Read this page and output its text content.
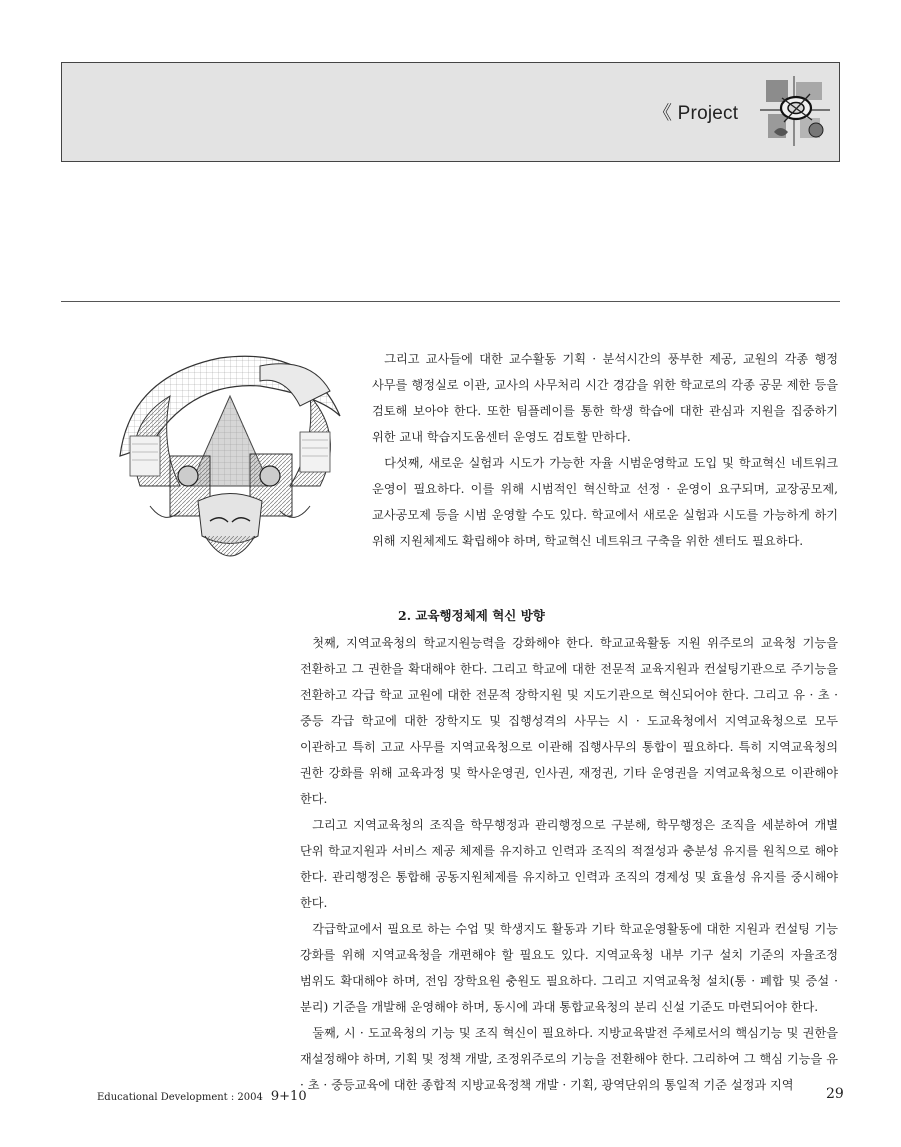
《 Project

그리고 교사들에 대한 교수활동 기획 · 분석시간의 풍부한 제공, 교원의 각종 행정 사무를 행정실로 이관, 교사의 사무처리 시간 경감을 위한 학교로의 각종 공문 제한 등을 검토해 보아야 한다. 또한 팀플레이를 통한 학생 학습에 대한 관심과 지원을 집중하기 위한 교내 학습지도움센터 운영도 검토할 만하다.

다섯째, 새로운 실험과 시도가 가능한 자율 시범운영학교 도입 및 학교혁신 네트워크 운영이 필요하다. 이를 위해 시범적인 혁신학교 선정 · 운영이 요구되며, 교장공모제, 교사공모제 등을 시범 운영할 수도 있다. 학교에서 새로운 실험과 시도를 가능하게 하기 위해 지원체제도 확립해야 하며, 학교혁신 네트워크 구축을 위한 센터도 필요하다.

2. 교육행정체제 혁신 방향

첫째, 지역교육청의 학교지원능력을 강화해야 한다. 학교교육활동 지원 위주로의 교육청 기능을 전환하고 그 권한을 확대해야 한다. 그리고 학교에 대한 전문적 교육지원과 컨설팅기관으로 주기능을 전환하고 각급 학교 교원에 대한 전문적 장학지원 및 지도기관으로 혁신되어야 한다. 그리고 유 · 초 · 중등 각급 학교에 대한 장학지도 및 집행성격의 사무는 시 · 도교육청에서 지역교육청으로 모두 이관하고 특히 고교 사무를 지역교육청으로 이관해 집행사무의 통합이 필요하다. 특히 지역교육청의 권한 강화를 위해 교육과정 및 학사운영권, 인사권, 재정권, 기타 운영권을 지역교육청으로 이관해야 한다.

그리고 지역교육청의 조직을 학무행정과 관리행정으로 구분해, 학무행정은 조직을 세분하여 개별 단위 학교지원과 서비스 제공 체제를 유지하고 인력과 조직의 적절성과 충분성 유지를 원칙으로 해야 한다. 관리행정은 통합해 공동지원체제를 유지하고 인력과 조직의 경제성 및 효율성 유지를 중시해야 한다.

각급학교에서 필요로 하는 수업 및 학생지도 활동과 기타 학교운영활동에 대한 지원과 컨설팅 기능 강화를 위해 지역교육청을 개편해야 할 필요도 있다. 지역교육청 내부 기구 설치 기준의 자율조정 범위도 확대해야 하며, 전임 장학요원 충원도 필요하다. 그리고 지역교육청 설치(통 · 폐합 및 증설 · 분리) 기준을 개발해 운영해야 하며, 동시에 과대 통합교육청의 분리 신설 기준도 마련되어야 한다.

둘째, 시 · 도교육청의 기능 및 조직 혁신이 필요하다. 지방교육발전 주체로서의 핵심기능 및 권한을 재설정해야 하며, 기획 및 정책 개발, 조정위주로의 기능을 전환해야 한다. 그리하여 그 핵심 기능을 유 · 초 · 중등교육에 대한 종합적 지방교육정책 개발 · 기획, 광역단위의 통일적 기준 설정과 지역

Educational Development : 2004 9+10	29
